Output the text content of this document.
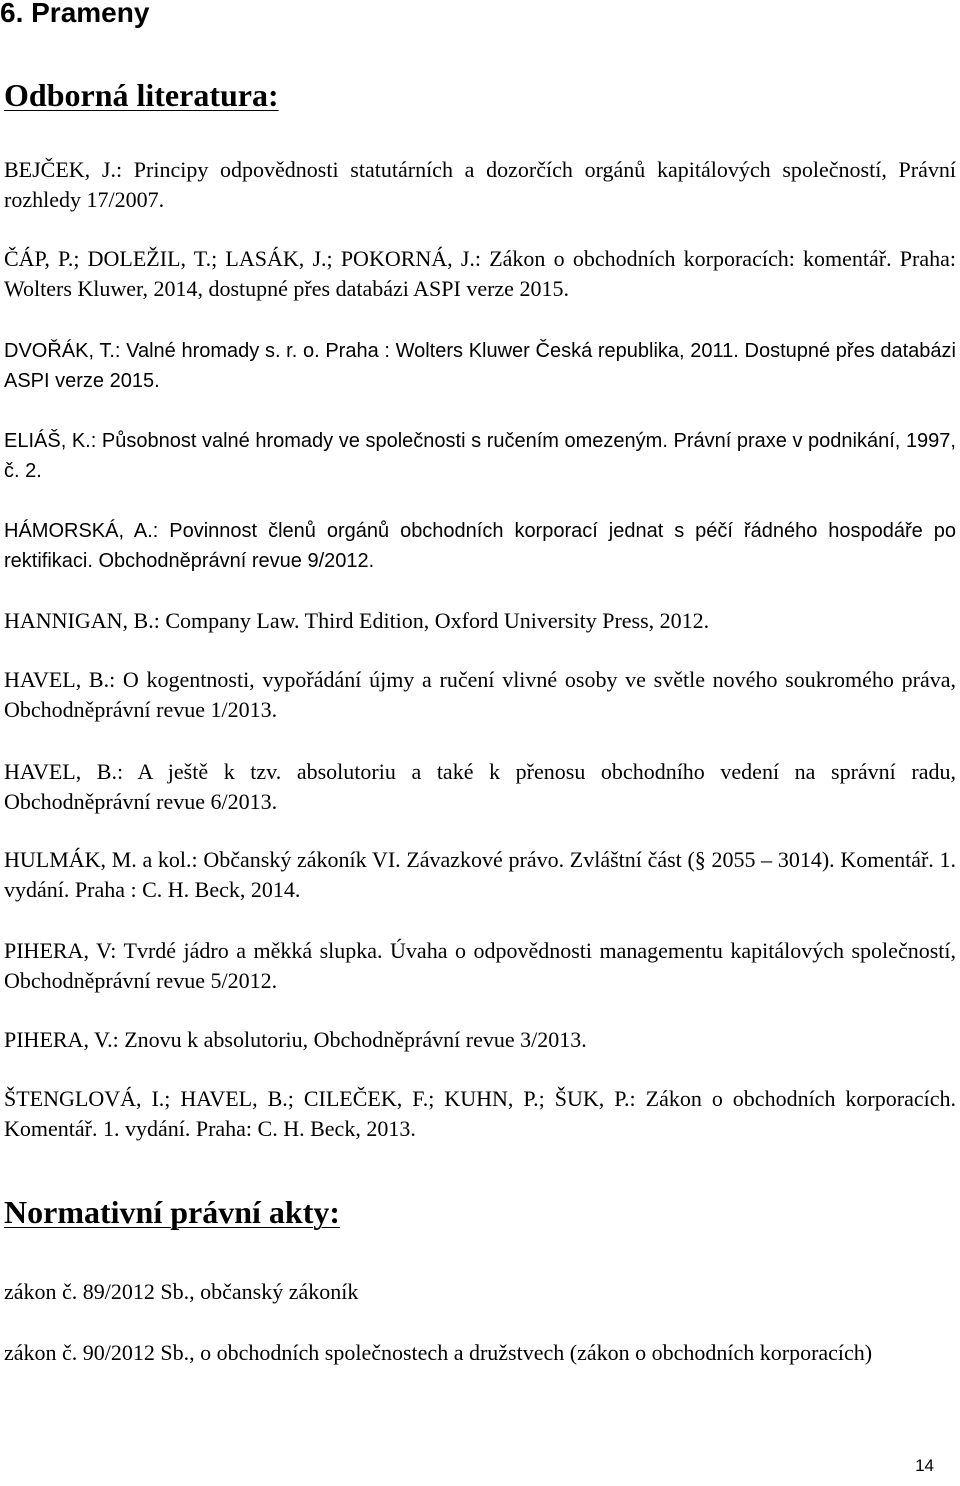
6. Prameny
Odborná literatura:

BEJČEK, J.: Principy odpovědnosti statutárních a dozorčích orgánů kapitálových společností, Právní rozhledy 17/2007.

ČÁP, P.; DOLEŽIL, T.; LASÁK, J.; POKORNÁ, J.: Zákon o obchodních korporacích: komentář. Praha: Wolters Kluwer, 2014, dostupné přes databázi ASPI verze 2015.

DVOŘÁK, T.: Valné hromady s. r. o. Praha : Wolters Kluwer Česká republika, 2011. Dostupné přes databázi ASPI verze 2015.

ELIÁŠ, K.: Působnost valné hromady ve společnosti s ručením omezeným. Právní praxe v podnikání, 1997, č. 2.

HÁMORSKÁ, A.: Povinnost členů orgánů obchodních korporací jednat s péčí řádného hospodáře po rektifikaci. Obchodněprávní revue 9/2012.

HANNIGAN, B.: Company Law. Third Edition, Oxford University Press, 2012.

HAVEL, B.: O kogentnosti, vypořádání újmy a ručení vlivné osoby ve světle nového soukromého práva, Obchodněprávní revue 1/2013.

HAVEL, B.: A ještě k tzv. absolutoriu a také k přenosu obchodního vedení na správní radu, Obchodněprávní revue 6/2013.

HULMÁK, M. a kol.: Občanský zákoník VI. Závazkové právo. Zvláštní část (§ 2055 – 3014). Komentář. 1. vydání. Praha : C. H. Beck, 2014.

PIHERA, V: Tvrdé jádro a měkká slupka. Úvaha o odpovědnosti managementu kapitálových společností, Obchodněprávní revue 5/2012.

PIHERA, V.: Znovu k absolutoriu, Obchodněprávní revue 3/2013.

ŠTENGLOVÁ, I.; HAVEL, B.; CILEČEK, F.; KUHN, P.; ŠUK, P.: Zákon o obchodních korporacích. Komentář. 1. vydání. Praha: C. H. Beck, 2013.

Normativní právní akty:

zákon č. 89/2012 Sb., občanský zákoník

zákon č. 90/2012 Sb., o obchodních společnostech a družstvech (zákon o obchodních korporacích)

14
